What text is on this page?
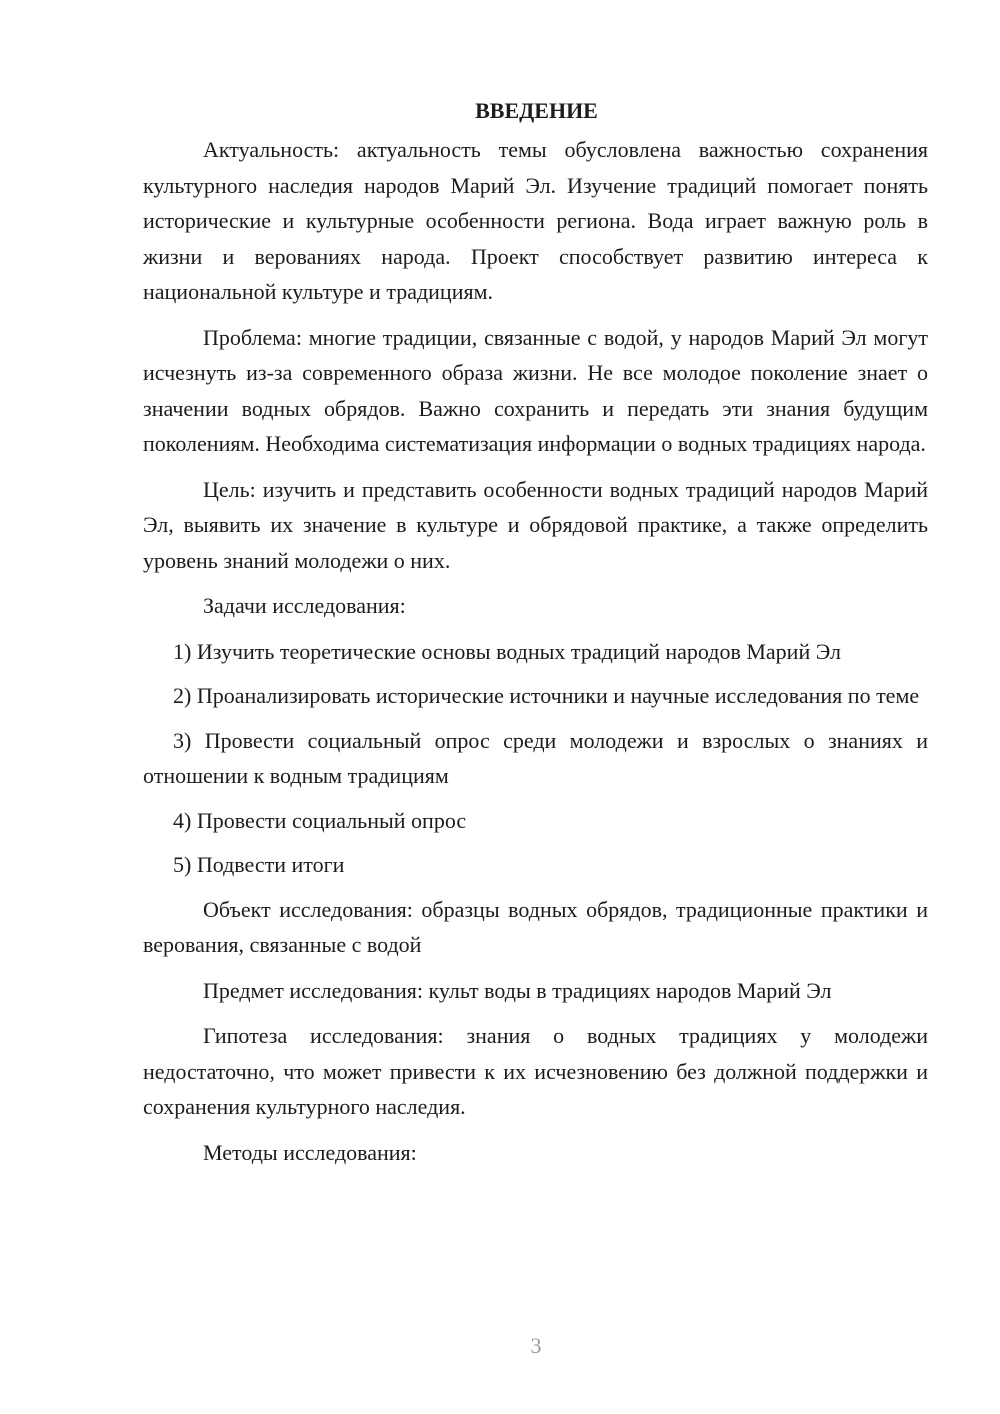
ВВЕДЕНИЕ

Актуальность: актуальность темы обусловлена важностью сохранения культурного наследия народов Марий Эл. Изучение традиций помогает понять исторические и культурные особенности региона. Вода играет важную роль в жизни и верованиях народа. Проект способствует развитию интереса к национальной культуре и традициям.

Проблема: многие традиции, связанные с водой, у народов Марий Эл могут исчезнуть из-за современного образа жизни. Не все молодое поколение знает о значении водных обрядов. Важно сохранить и передать эти знания будущим поколениям. Необходима систематизация информации о водных традициях народа.

Цель: изучить и представить особенности водных традиций народов Марий Эл, выявить их значение в культуре и обрядовой практике, а также определить уровень знаний молодежи о них.

Задачи исследования:

1) Изучить теоретические основы водных традиций народов Марий Эл

2) Проанализировать исторические источники и научные исследования по теме

3) Провести социальный опрос среди молодежи и взрослых о знаниях и отношении к водным традициям

4) Провести социальный опрос

5) Подвести итоги

Объект исследования: образцы водных обрядов, традиционные практики и верования, связанные с водой

Предмет исследования: культ воды в традициях народов Марий Эл

Гипотеза исследования: знания о водных традициях у молодежи недостаточно, что может привести к их исчезновению без должной поддержки и сохранения культурного наследия.

Методы исследования:

3
